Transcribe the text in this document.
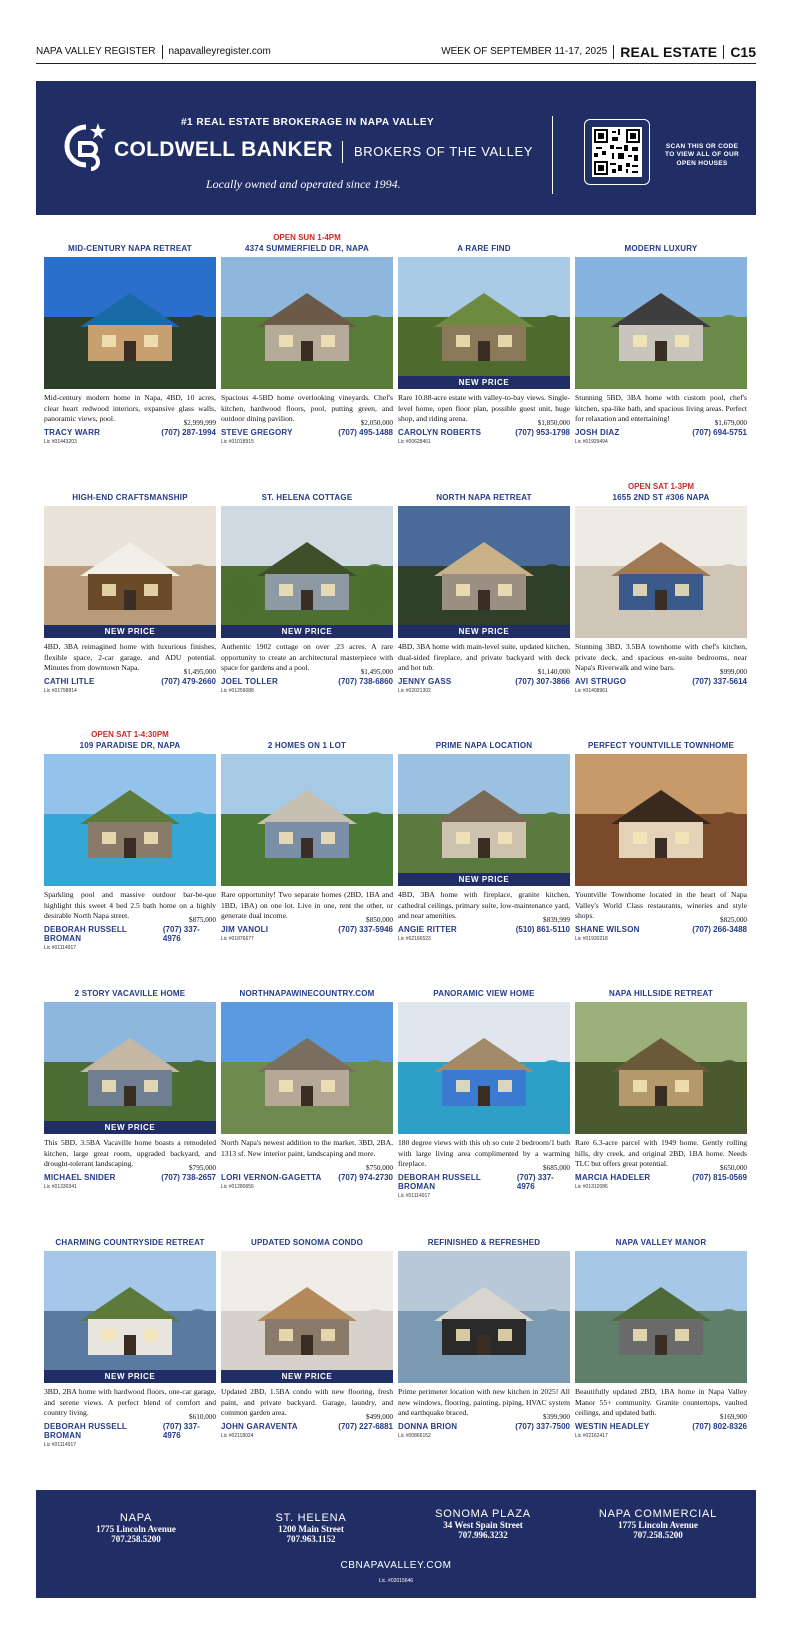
NAPA VALLEY REGISTER napavalleyregister.com	WEEK OF SEPTEMBER 11-17, 2025 REAL ESTATE C15
#1 REAL ESTATE BROKERAGE IN NAPA VALLEY
COLDWELL BANKER BROKERS OF THE VALLEY
Locally owned and operated since 1994.
SCAN THIS OR CODE TO VIEW ALL OF OUR OPEN HOUSES
MID-CENTURY NAPA RETREAT
Mid-century modern home in Napa, 4BD, 10 acres, clear heart redwood interiors, expansive glass walls, panoramic views, pool.	$2,999,999
TRACY WARR	(707) 287-1994
Lic #01443203
OPEN SUN 1-4PM
4374 SUMMERFIELD DR, NAPA
Spacious 4-5BD home overlooking vineyards. Chef's kitchen, hardwood floors, pool, putting green, and outdoor dining pavilion.	$2,050,000
STEVE GREGORY	(707) 495-1488
Lic #01018915
A RARE FIND
NEW PRICE
Rare 10.88-acre estate with valley-to-bay views. Single-level home, open floor plan, possible guest unit, huge shop, and riding arena.	$1,850,000
CAROLYN ROBERTS	(707) 953-1798
Lic #00628461
MODERN LUXURY
Stunning 5BD, 3BA home with custom pool, chef's kitchen, spa-like bath, and spacious living areas. Perfect for relaxation and entertaining!	$1,679,000
JOSH DIAZ	(707) 694-5751
Lic #01929494
HIGH-END CRAFTSMANSHIP
NEW PRICE
4BD, 3BA reimagined home with luxurious finishes, flexible space, 2-car garage, and ADU potential. Minutes from downtown Napa.	$1,495,000
CATHI LITLE	(707) 479-2660
Lic #01798814
ST. HELENA COTTAGE
NEW PRICE
Authentic 1902 cottage on over .23 acres. A rare opportunity to create an architectural masterpiece with space for gardens and a pool.	$1,495,000
JOEL TOLLER	(707) 738-6860
Lic #01259088
NORTH NAPA RETREAT
NEW PRICE
4BD, 3BA home with main-level suite, updated kitchen, dual-sided fireplace, and private backyard with deck and hot tub.	$1,140,000
JENNY GASS	(707) 307-3866
Lic #02021302
OPEN SAT 1-3PM
1655 2ND ST #306 NAPA
Stunning 3BD, 3.5BA townhome with chef's kitchen, private deck, and spacious en-suite bedrooms, near Napa's Riverwalk and wine bars.	$999,000
AVI STRUGO	(707) 337-5614
Lic #01408961
OPEN SAT 1-4:30PM
109 PARADISE DR, NAPA
Sparkling pool and massive outdoor bar-be-que highlight this sweet 4 bed 2.5 bath home on a highly desirable North Napa street.	$875,000
DEBORAH RUSSELL BROMAN
(707) 337-4976
Lic #01114917
2 HOMES ON 1 LOT
Rare opportunity! Two separate homes (2BD, 1BA and 1BD, 1BA) on one lot. Live in one, rent the other, or generate dual income.	$850,000
JIM VANOLI	(707) 337-5946
Lic #01876677
PRIME NAPA LOCATION
NEW PRICE
4BD, 3BA home with fireplace, granite kitchen, cathedral ceilings, primary suite, low-maintenance yard, and near amenities.	$839,999
ANGIE RITTER	(510) 861-5110
Lic #02166523
PERFECT YOUNTVILLE TOWNHOME
Yountville Townhome located in the heart of Napa Valley's World Class restaurants, wineries and style shops.	$825,000
SHANE WILSON	(707) 266-3488
Lic #01930218
2 STORY VACAVILLE HOME
NEW PRICE
This 5BD, 3.5BA Vacaville home boasts a remodeled kitchen, large great room, upgraded backyard, and drought-tolerant landscaping.	$795,000
MICHAEL SNIDER	(707) 738-2657
Lic #01330341
NORTHNAPAWINECOUNTRY.COM
North Napa's newest addition to the market. 3BD, 2BA, 1313 sf. New interior paint, landscaping and more.
$750,000
LORI VERNON-GAGETTA (707) 974-2730
Lic #01280656
PANORAMIC VIEW HOME
180 degree views with this oh so cute 2 bedroom/1 bath with large living area complimented by a warming fireplace.	$685,000
DEBORAH RUSSELL BROMAN
(707) 337-4976
Lic #01114917
NAPA HILLSIDE RETREAT
Rare 6.3-acre parcel with 1949 home. Gently rolling hills, dry creek, and original 2BD, 1BA home. Needs TLC but offers great potential.	$650,000
MARCIA HADELER	(707) 815-0569
Lic #01312086
CHARMING COUNTRYSIDE RETREAT
NEW PRICE
3BD, 2BA home with hardwood floors, one-car garage, and serene views. A perfect blend of comfort and country living.	$610,000
DEBORAH RUSSELL BROMAN
(707) 337-4976
Lic #01114917
UPDATED SONOMA CONDO
NEW PRICE
Updated 2BD, 1.5BA condo with new flooring, fresh paint, and private backyard. Garage, laundry, and common garden area.	$499,000
JOHN GARAVENTA	(707) 227-6881
Lic #02118024
REFINISHED & REFRESHED
Prime perimeter location with new kitchen in 2025! All new windows, flooring, painting, piping, HVAC system and earthquake braced.	$399,900
DONNA BRION	(707) 337-7500
Lic #00866152
NAPA VALLEY MANOR
Beautifully updated 2BD, 1BA home in Napa Valley Manor 55+ community. Granite countertops, vaulted ceilings, and updated bath.	$169,900
WESTIN HEADLEY	(707) 802-8326
Lic #02162417
NAPA
1775 Lincoln Avenue
707.258.5200
ST. HELENA
1200 Main Street
707.963.1152
SONOMA PLAZA
34 West Spain Street
707.996.3232
NAPA COMMERCIAL
1775 Lincoln Avenue
707.258.5200
CBNAPAVALLEY.COM
Lic. #02015646
